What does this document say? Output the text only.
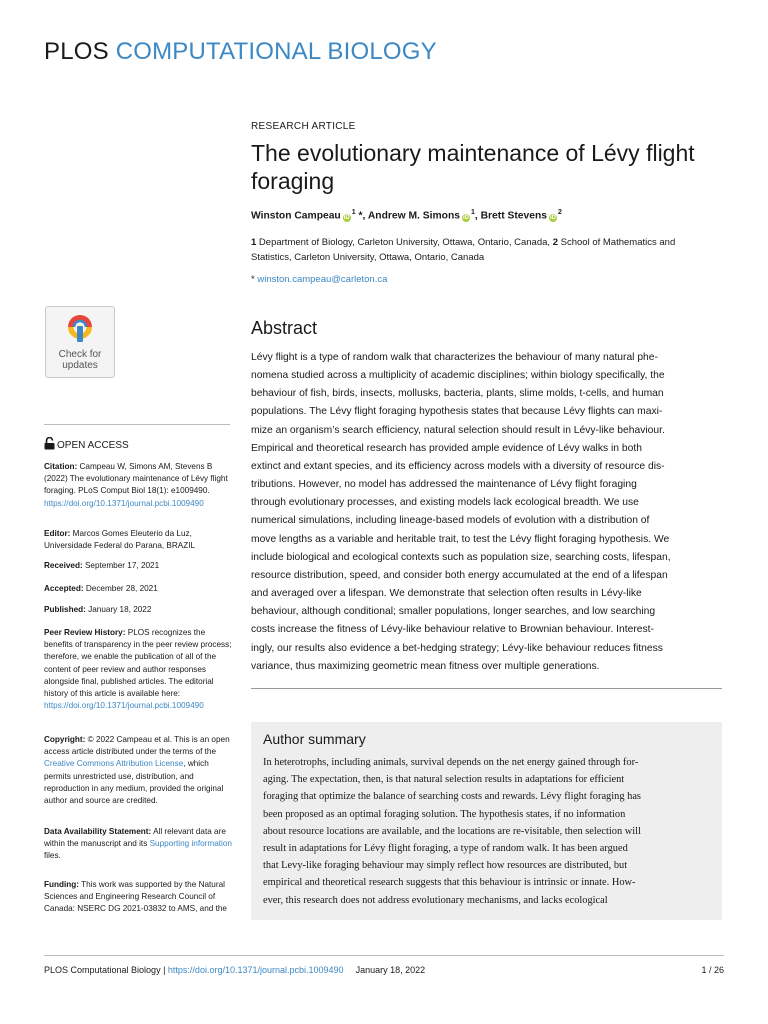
PLOS COMPUTATIONAL BIOLOGY
RESEARCH ARTICLE
The evolutionary maintenance of Lévy flight foraging
Winston Campeau $iD^1$ *, Andrew M. Simons $iD^1$, Brett Stevens $iD^2$
1 Department of Biology, Carleton University, Ottawa, Ontario, Canada, 2 School of Mathematics and Statistics, Carleton University, Ottawa, Ontario, Canada
* winston.campeau@carleton.ca
Check for
updates
OPEN ACCESS
Citation: Campeau W, Simons AM, Stevens B (2022) The evolutionary maintenance of Lévy flight foraging. PLoS Comput Biol 18(1): e1009490. https://doi.org/10.1371/journal.pcbi.1009490
Editor: Marcos Gomes Eleuterio da Luz, Universidade Federal do Parana, BRAZIL
Received: September 17, 2021
Accepted: December 28, 2021
Published: January 18, 2022
Peer Review History: PLOS recognizes the benefits of transparency in the peer review process; therefore, we enable the publication of all of the content of peer review and author responses alongside final, published articles. The editorial history of this article is available here: https://doi.org/10.1371/journal.pcbi.1009490
Copyright: © 2022 Campeau et al. This is an open access article distributed under the terms of the Creative Commons Attribution License, which permits unrestricted use, distribution, and reproduction in any medium, provided the original author and source are credited.
Data Availability Statement: All relevant data are within the manuscript and its Supporting information files.
Funding: This work was supported by the Natural Sciences and Engineering Research Council of Canada: NSERC DG 2021-03832 to AMS, and the
Abstract
Lévy flight is a type of random walk that characterizes the behaviour of many natural phe-
nomena studied across a multiplicity of academic disciplines; within biology specifically, the
behaviour of fish, birds, insects, mollusks, bacteria, plants, slime molds, t-cells, and human
populations. The Lévy flight foraging hypothesis states that because Lévy flights can maxi-
mize an organism’s search efficiency, natural selection should result in Lévy-like behaviour.
Empirical and theoretical research has provided ample evidence of Lévy walks in both
extinct and extant species, and its efficiency across models with a diversity of resource dis-
tributions. However, no model has addressed the maintenance of Lévy flight foraging
through evolutionary processes, and existing models lack ecological breadth. We use
numerical simulations, including lineage-based models of evolution with a distribution of
move lengths as a variable and heritable trait, to test the Lévy flight foraging hypothesis. We
include biological and ecological contexts such as population size, searching costs, lifespan,
resource distribution, speed, and consider both energy accumulated at the end of a lifespan
and averaged over a lifespan. We demonstrate that selection often results in Lévy-like
behaviour, although conditional; smaller populations, longer searches, and low searching
costs increase the fitness of Lévy-like behaviour relative to Brownian behaviour. Interest-
ingly, our results also evidence a bet-hedging strategy; Lévy-like behaviour reduces fitness
variance, thus maximizing geometric mean fitness over multiple generations.
Author summary
In heterotrophs, including animals, survival depends on the net energy gained through for-
aging. The expectation, then, is that natural selection results in adaptations for efficient
foraging that optimize the balance of searching costs and rewards. Lévy flight foraging has
been proposed as an optimal foraging solution. The hypothesis states, if no information
about resource locations are available, and the locations are re-visitable, then selection will
result in adaptations for Lévy flight foraging, a type of random walk. It has been argued
that Levy-like foraging behaviour may simply reflect how resources are distributed, but
empirical and theoretical research suggests that this behaviour is intrinsic or innate. How-
ever, this research does not address evolutionary mechanisms, and lacks ecological
PLOS Computational Biology | https://doi.org/10.1371/journal.pcbi.1009490 January 18, 2022	1 / 26
